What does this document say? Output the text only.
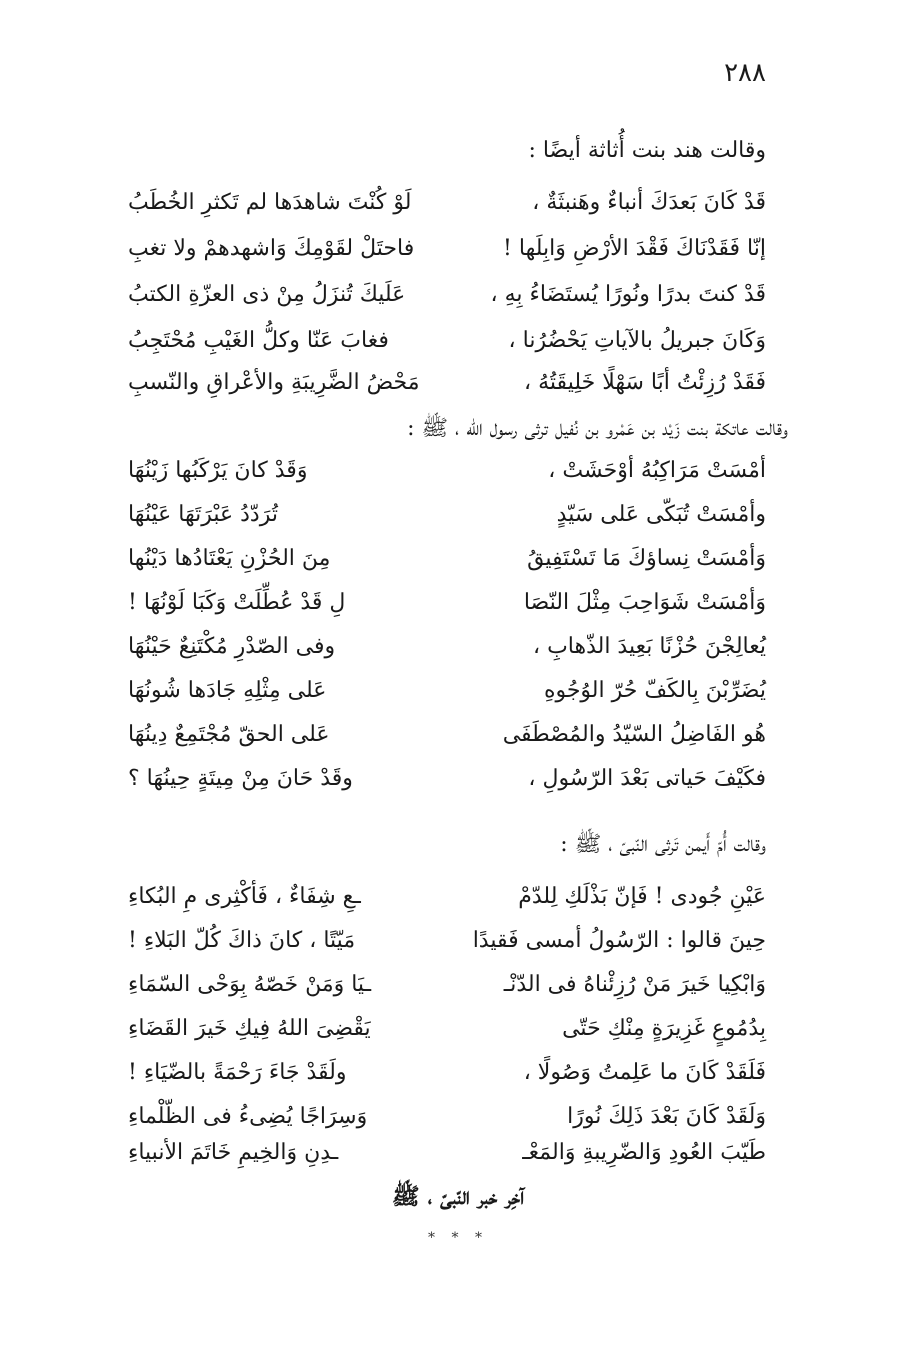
٢٨٨
وقالت هند بنت أُثاثة أيضًا :
قَدْ كَانَ بَعدَكَ أنباءٌ وهَنبثَةٌ ،
لَوْ كُنْتَ شاهدَها لم تَكثرِ الخُطَبُ
إنّا فَقَدْنَاكَ فَقْدَ الأرْضِ وَابِلَها !
فاحتَلْ لقَوْمِكَ وَاشهدهمْ ولا تغبِ
قَدْ كنتَ بدرًا ونُورًا يُستَضَاءُ بِهِ ،
عَلَيكَ تُنزَلُ مِنْ ذى العزّةِ الكتبُ
وَكَانَ جبريلُ بالآياتِ يَحْضُرُنا ،
فغابَ عَنّا وكلُّ الغَيْبِ مُحْتَجِبُ
فَقَدْ رُزِئْتُ أبًا سَهْلًا خَلِيقَتُهُ ،
مَحْضُ الضَّرِيبَةِ والأعْراقِ والنّسبِ
وقالت عاتكة بنت زَيْد بن عَمْرو بن نُفيل ترثى رسول الله ، ﷺ :
أمْسَتْ مَرَاكِبُهُ أوْحَشَتْ ،
وَقَدْ كانَ يَرْكَبُها زَيْنُهَا
وأمْسَتْ تُبَكّى عَلى سَيّدٍ
تُرَدّدُ عَبْرَتَهَا عَيْنُهَا
وَأمْسَتْ نِساؤكَ مَا تَسْتَفِيقُ
مِنَ الحُزْنِ يَعْتَادُها دَيْنُها
وَأمْسَتْ شَوَاحِبَ مِثْلَ النّصَا
لِ قَدْ عُطِّلَتْ وَكَبَا لَوْنُهَا !
يُعالِجْنَ حُزْنًا بَعِيدَ الذّهابِ ،
وفى الصّدْرِ مُكْتَنِعٌ حَيْنُهَا
يُضَرِّبْنَ بِالكَفّ حُرّ الوُجُوهِ
عَلى مِثْلِهِ جَادَها شُونُهَا
هُو الفَاضِلُ السّيّدُ والمُصْطَفَى
عَلى الحقّ مُجْتَمِعٌ دِينُهَا
فكَيْفَ حَياتى بَعْدَ الرّسُولِ ،
وقَدْ حَانَ مِنْ مِيتَةٍ حِينُهَا ؟
وقالت أُمّ أَيمن تَرثى النّبىّ ، ﷺ :
عَيْنِ جُودى ! فَإنّ بَذْلَكِ لِلدّمْ
ـعِ شِفَاءٌ ، فَأكْثِرى مِ البُكاءِ
حِينَ قالوا : الرّسُولُ أمسى فَقيدًا
مَيّتًا ، كانَ ذاكَ كُلّ البَلاءِ !
وَابْكِيا خَيرَ مَنْ رُزِئْناهُ فى الدّنْـ
ـيَا وَمَنْ خَصّهُ بِوَحْى السّمَاءِ
بِدُمُوعٍ غَزِيرَةٍ مِنْكِ حَتّى
يَقْضِىَ اللهُ فِيكِ خَيرَ القَضَاءِ
فَلَقَدْ كَانَ ما عَلِمتُ وَصُولًا ،
ولَقَدْ جَاءَ رَحْمَةً بالضّيَاءِ !
وَلَقَدْ كَانَ بَعْدَ ذَلِكَ نُورًا
وَسِرَاجًا يُضِىءُ فى الظّلْماءِ
طَيّبَ العُودِ وَالضّرِيبةِ وَالمَعْـ
ـدِنِ وَالخِيمِ خَاتَمَ الأنبياءِ
آخِر خبر النّبىّ ، ﷺ
* * *
